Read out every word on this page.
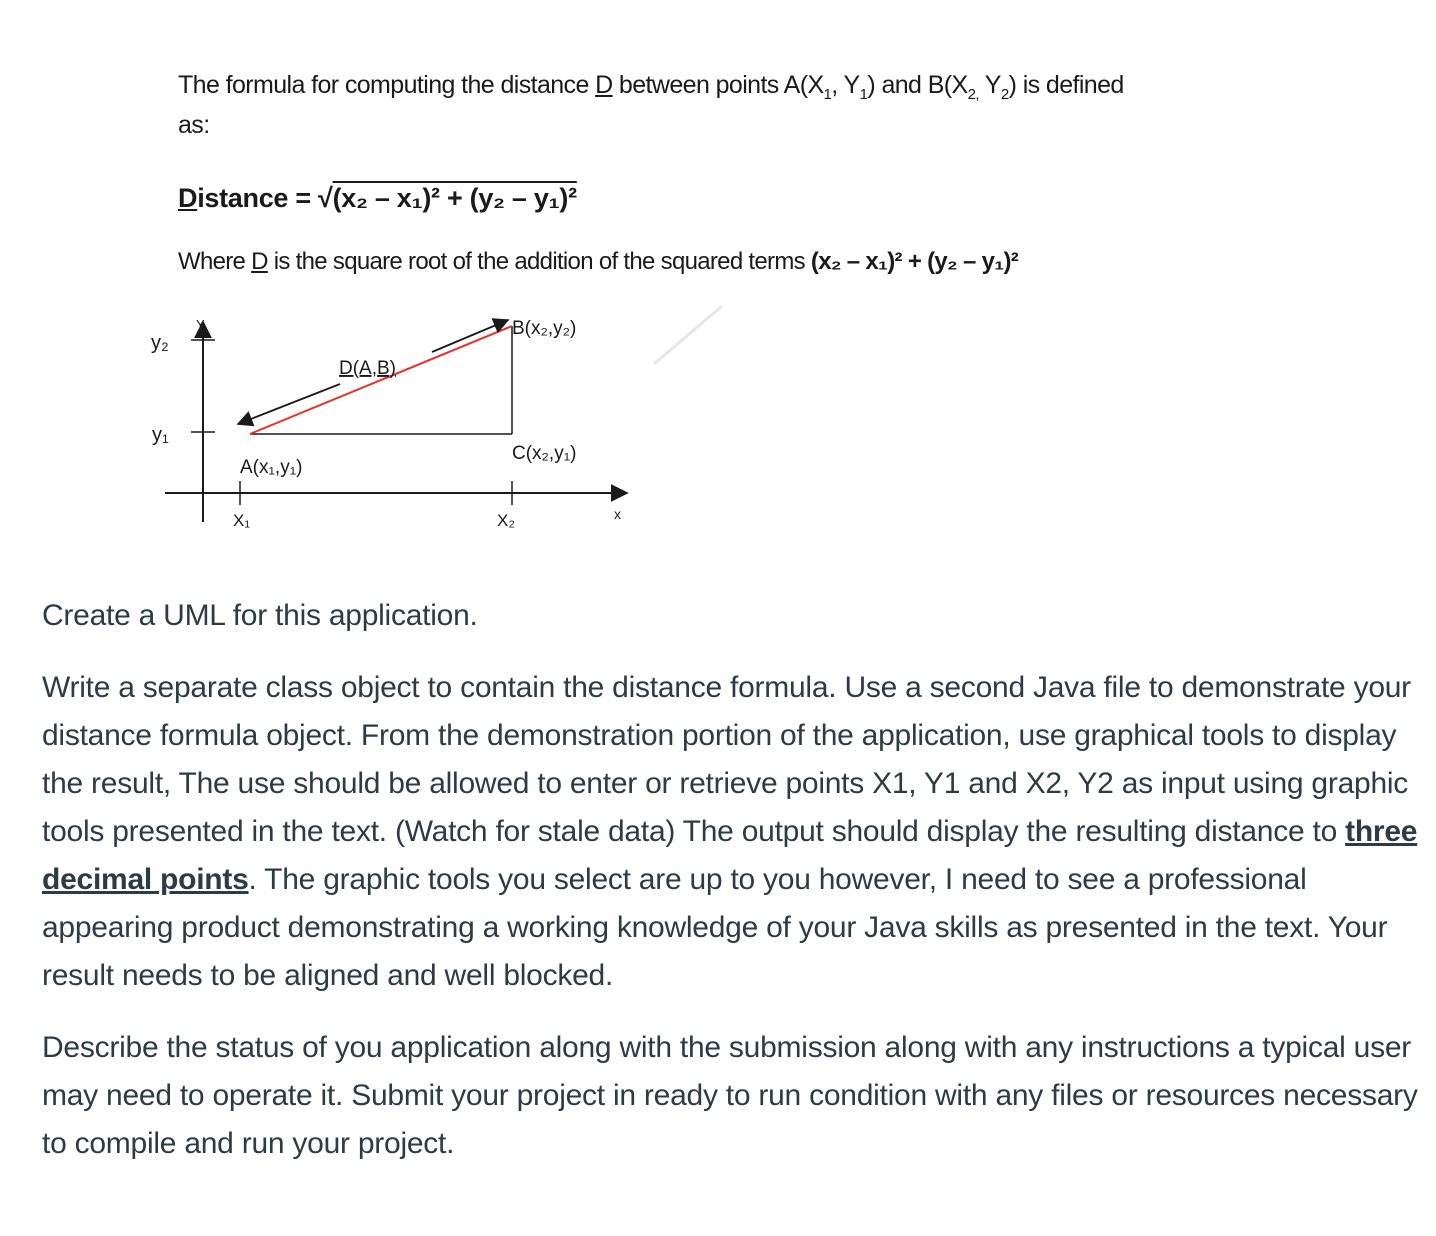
The formula for computing the distance D between points $A(X_1$, $Y_1$) and $B(X_{2,}$ $Y_2$) is defined as:
Distance = √(x₂ – x₁)² + (y₂ – y₁)²
Where D is the square root of the addition of the squared terms (x₂ – x₁)² + (y₂ – y₁)²
y₂
y₁
Y
x
X₁	X₂
A(x₁,y₁)
B(x₂,y₂)
C(x₂,y₁)
D(A,B)

Create a UML for this application.

Write a separate class object to contain the distance formula. Use a second Java file to demonstrate your distance formula object. From the demonstration portion of the application, use graphical tools to display the result, The use should be allowed to enter or retrieve points X1, Y1 and X2, Y2 as input using graphic tools presented in the text. (Watch for stale data) The output should display the resulting distance to three decimal points. The graphic tools you select are up to you however, I need to see a professional appearing product demonstrating a working knowledge of your Java skills as presented in the text. Your result needs to be aligned and well blocked.

Describe the status of you application along with the submission along with any instructions a typical user may need to operate it. Submit your project in ready to run condition with any files or resources necessary to compile and run your project.
